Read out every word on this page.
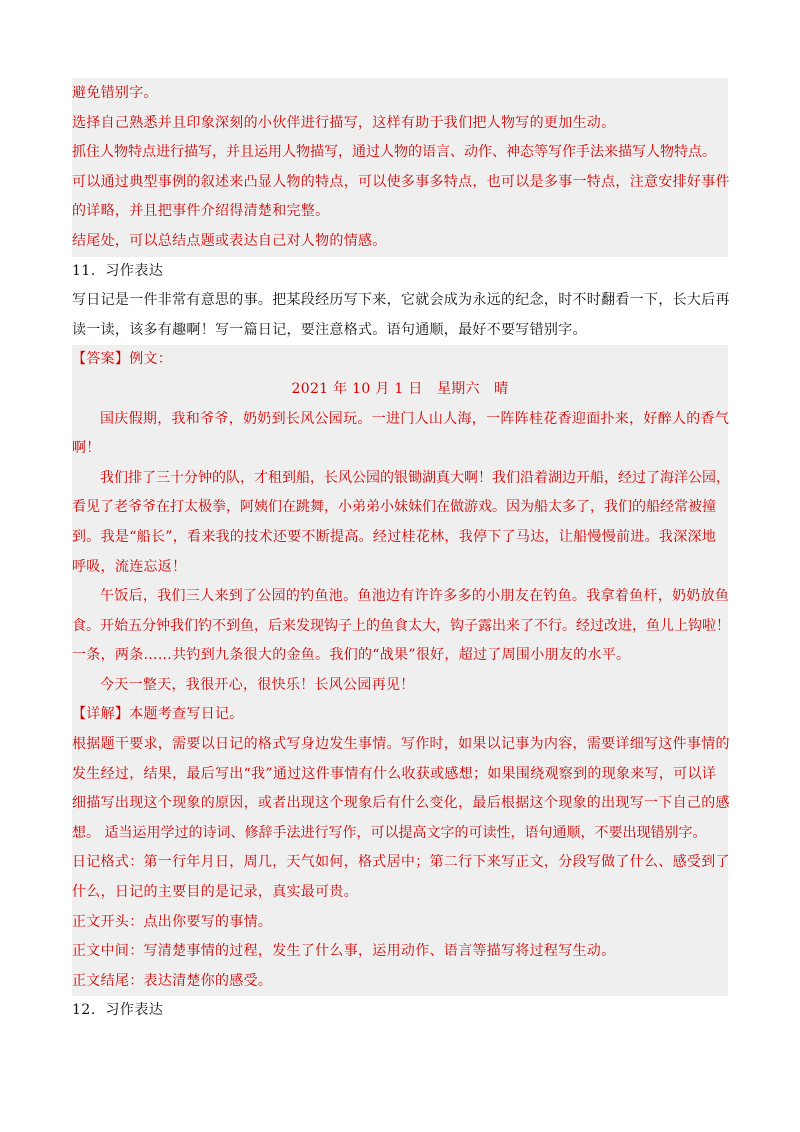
避免错别字。
选择自己熟悉并且印象深刻的小伙伴进行描写，这样有助于我们把人物写的更加生动。
抓住人物特点进行描写，并且运用人物描写，通过人物的语言、动作、神态等写作手法来描写人物特点。
可以通过典型事例的叙述来凸显人物的特点，可以使多事多特点，也可以是多事一特点，注意安排好事件
的详略，并且把事件介绍得清楚和完整。
结尾处，可以总结点题或表达自己对人物的情感。
11．习作表达
写日记是一件非常有意思的事。把某段经历写下来，它就会成为永远的纪念，时不时翻看一下，长大后再
读一读，该多有趣啊！写一篇日记，要注意格式。语句通顺，最好不要写错别字。
【答案】例文：
2021 年 10 月 1 日　星期六　晴
国庆假期，我和爷爷，奶奶到长风公园玩。一进门人山人海，一阵阵桂花香迎面扑来，好醉人的香气
啊！
我们排了三十分钟的队，才租到船，长风公园的银锄湖真大啊！我们沿着湖边开船，经过了海洋公园，
看见了老爷爷在打太极拳，阿姨们在跳舞，小弟弟小妹妹们在做游戏。因为船太多了，我们的船经常被撞
到。我是“船长”，看来我的技术还要不断提高。经过桂花林，我停下了马达，让船慢慢前进。我深深地
呼吸，流连忘返！
午饭后，我们三人来到了公园的钓鱼池。鱼池边有许许多多的小朋友在钓鱼。我拿着鱼杆，奶奶放鱼
食。开始五分钟我们钓不到鱼，后来发现钩子上的鱼食太大，钩子露出来了不行。经过改进，鱼儿上钩啦！
一条，两条……共钓到九条很大的金鱼。我们的“战果”很好，超过了周围小朋友的水平。
今天一整天，我很开心，很快乐！长风公园再见！
【详解】本题考查写日记。
根据题干要求，需要以日记的格式写身边发生事情。写作时，如果以记事为内容，需要详细写这件事情的
发生经过，结果，最后写出“我”通过这件事情有什么收获或感想；如果围绕观察到的现象来写，可以详
细描写出现这个现象的原因，或者出现这个现象后有什么变化，最后根据这个现象的出现写一下自己的感
想。 适当运用学过的诗词、修辞手法进行写作，可以提高文字的可读性，语句通顺，不要出现错别字。
日记格式：第一行年月日，周几，天气如何，格式居中；第二行下来写正文，分段写做了什么、感受到了
什么，日记的主要目的是记录，真实最可贵。
正文开头：点出你要写的事情。
正文中间：写清楚事情的过程，发生了什么事，运用动作、语言等描写将过程写生动。
正文结尾：表达清楚你的感受。
12．习作表达
